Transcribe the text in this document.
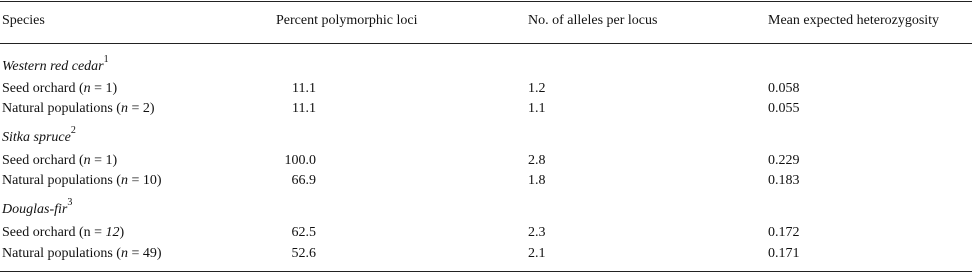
Species	Percent polymorphic loci	No. of alleles per locus	Mean expected heterozygosity
Western red cedar$^1$
Seed orchard (n = 1)	11.1	1.2	0.058
Natural populations (n = 2)	11.1	1.1	0.055
Sitka spruce$^2$
Seed orchard (n = 1)	100.0	2.8	0.229
Natural populations (n = 10)	66.9	1.8	0.183
Douglas-fir$^3$
Seed orchard (n = 12)	62.5	2.3	0.172
Natural populations (n = 49)	52.6	2.1	0.171
